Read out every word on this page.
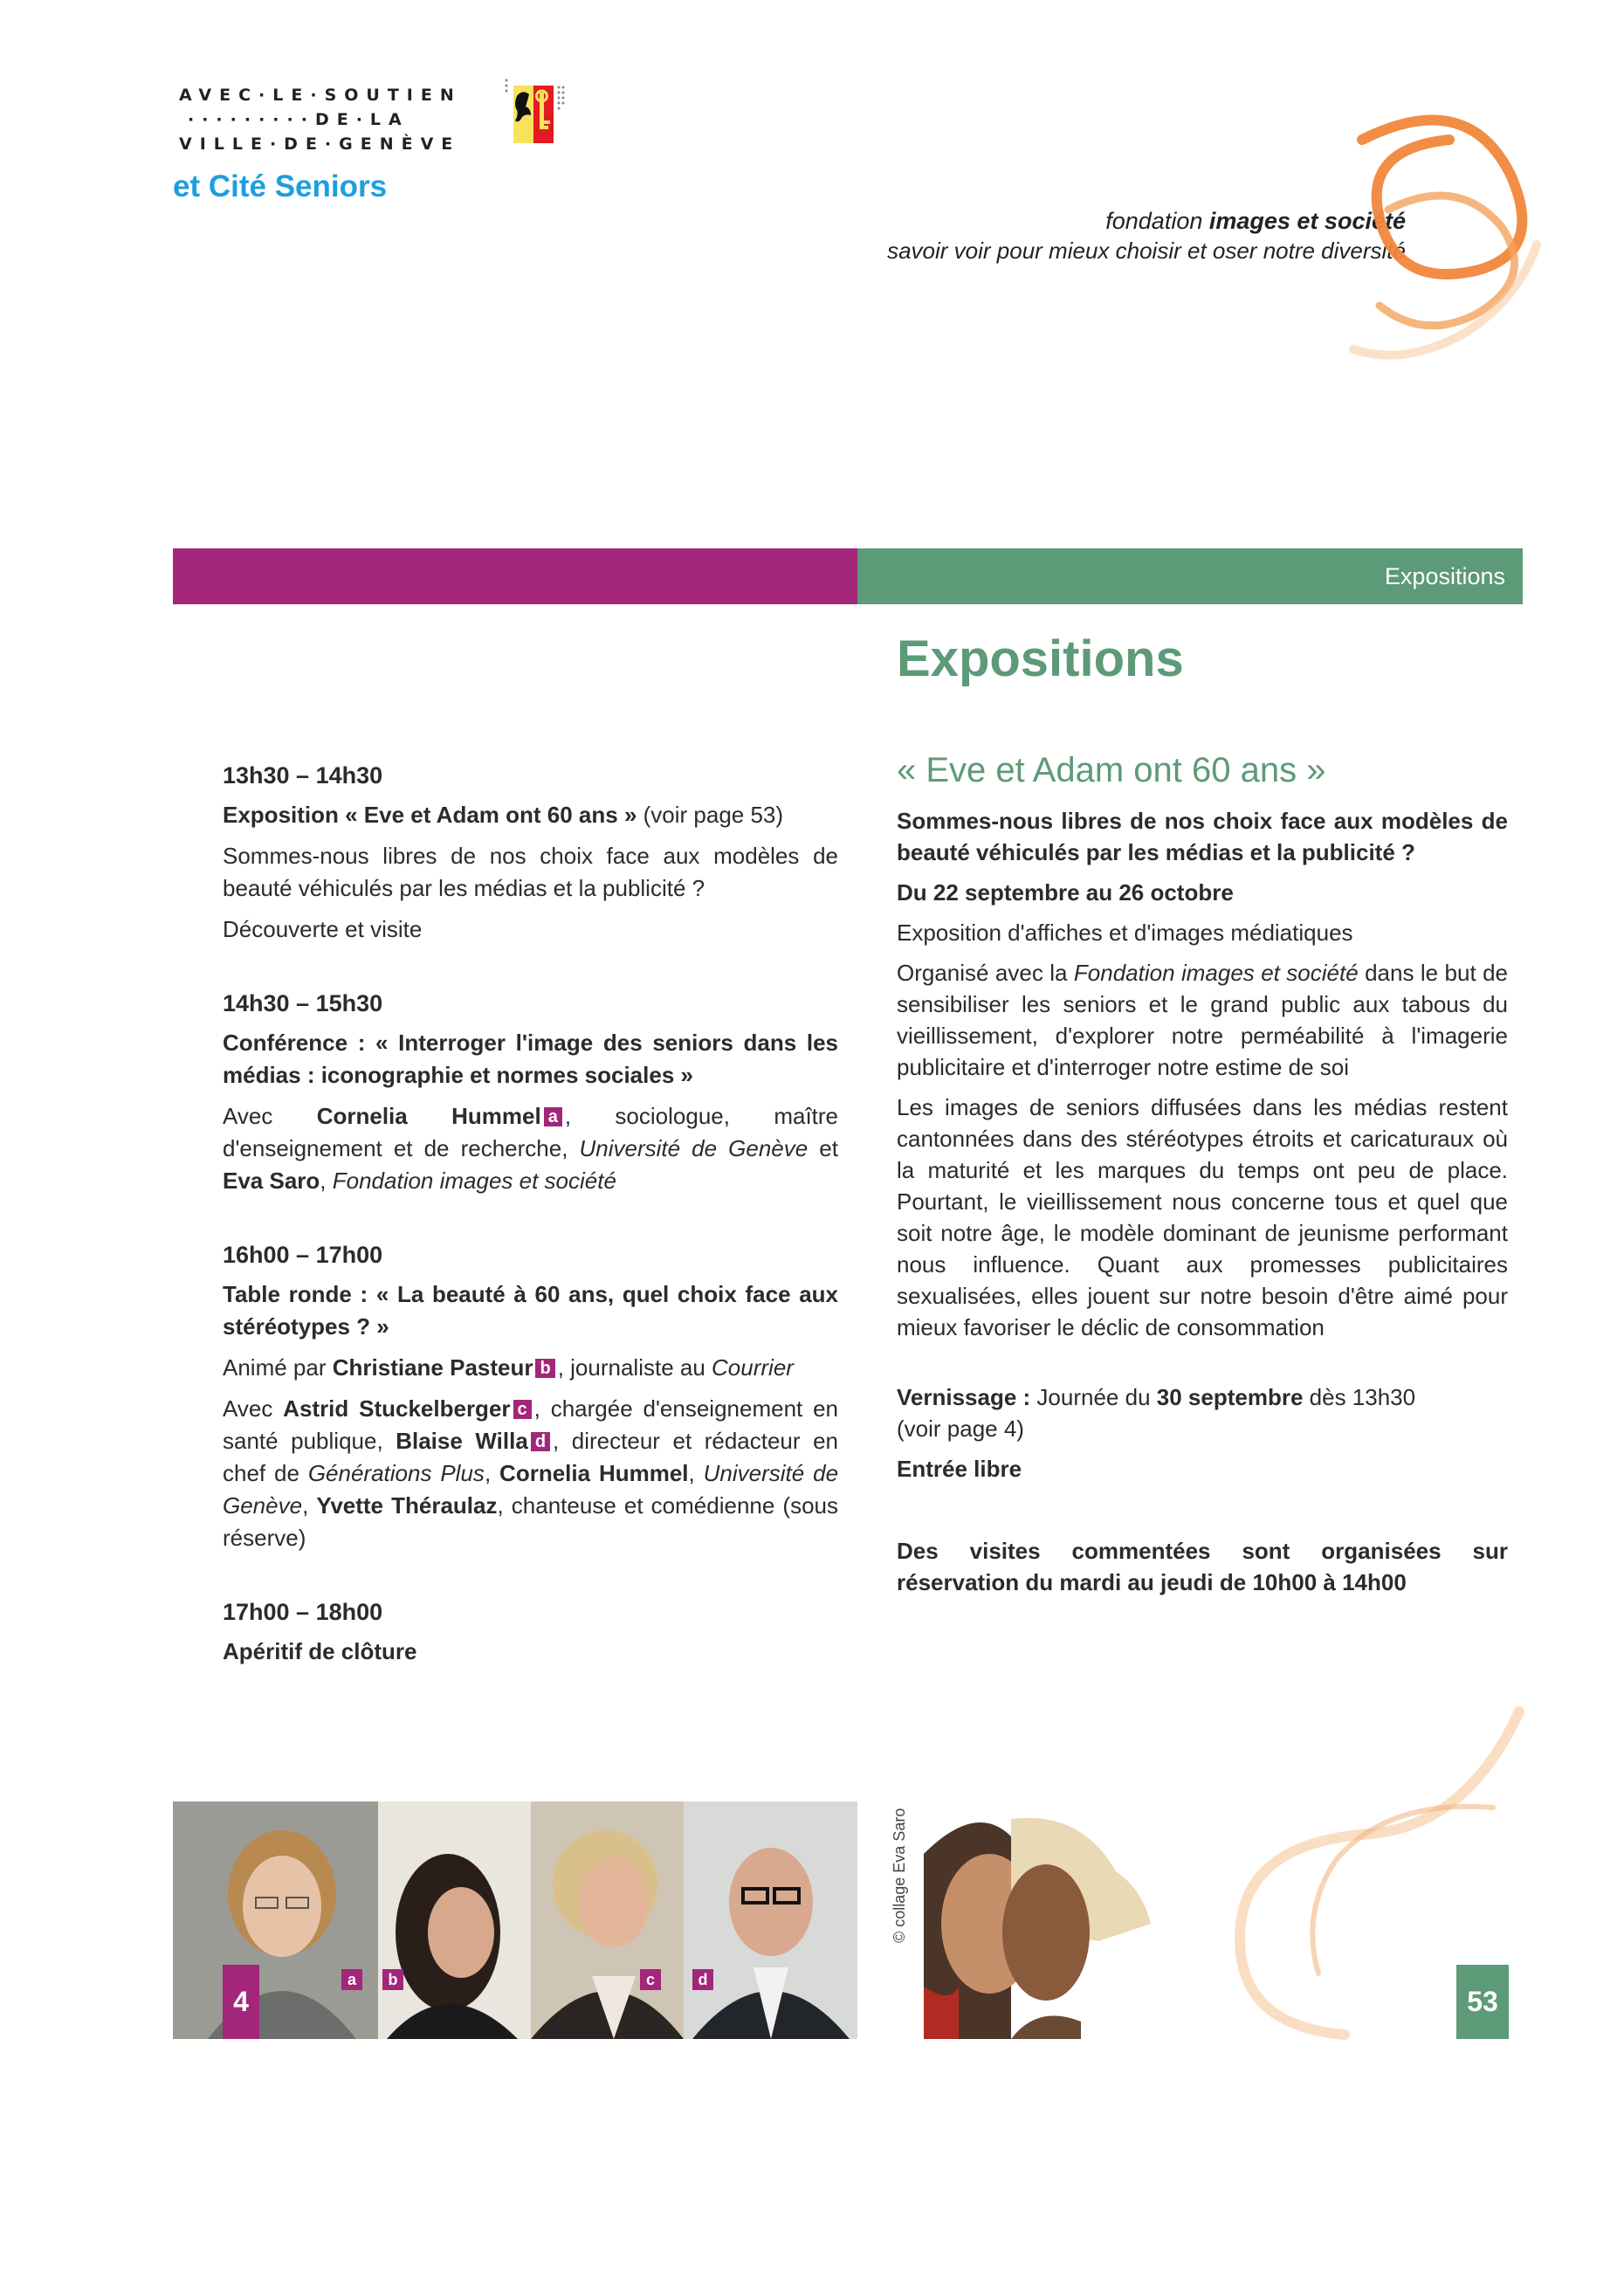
AVEC·LE·SOUTIEN
·········DE·LA
VILLE·DE·GENÈVE
et Cité Seniors
fondation images et société
savoir voir pour mieux choisir et oser notre diversité
Expositions
13h30 – 14h30
Exposition « Eve et Adam ont 60 ans » (voir page 53)
Sommes-nous libres de nos choix face aux modèles de beauté véhiculés par les médias et la publicité ?
Découverte et visite
14h30 – 15h30
Conférence : « Interroger l'image des seniors dans les médias : iconographie et normes sociales »
Avec Cornelia Hummel a , sociologue, maître d'enseignement et de recherche, Université de Genève et Eva Saro, Fondation images et société
16h00 – 17h00
Table ronde : « La beauté à 60 ans, quel choix face aux stéréotypes ? »
Animé par Christiane Pasteur b , journaliste au Courrier
Avec Astrid Stuckelberger c , chargée d'enseignement en santé publique, Blaise Willa d , directeur et rédacteur en chef de Générations Plus, Cornelia Hummel, Université de Genève, Yvette Théraulaz, chanteuse et comédienne (sous réserve)
17h00 – 18h00
Apéritif de clôture
Expositions
« Eve et Adam ont 60 ans »
Sommes-nous libres de nos choix face aux modèles de beauté véhiculés par les médias et la publicité ?
Du 22 septembre au 26 octobre
Exposition d'affiches et d'images médiatiques
Organisé avec la Fondation images et société dans le but de sensibiliser les seniors et le grand public aux tabous du vieillissement, d'explorer notre perméabilité à l'imagerie publicitaire et d'interroger notre estime de soi
Les images de seniors diffusées dans les médias restent cantonnées dans des stéréotypes étroits et caricaturaux où la maturité et les marques du temps ont peu de place. Pourtant, le vieillissement nous concerne tous et quel que soit notre âge, le modèle dominant de jeunisme performant nous influence. Quant aux promesses publicitaires sexualisées, elles jouent sur notre besoin d'être aimé pour mieux favoriser le déclic de consommation
Vernissage : Journée du 30 septembre dès 13h30
(voir page 4)
Entrée libre
Des visites commentées sont organisées sur réservation du mardi au jeudi de 10h00 à 14h00
a	b	c	d
4
© collage Eva Saro
53
